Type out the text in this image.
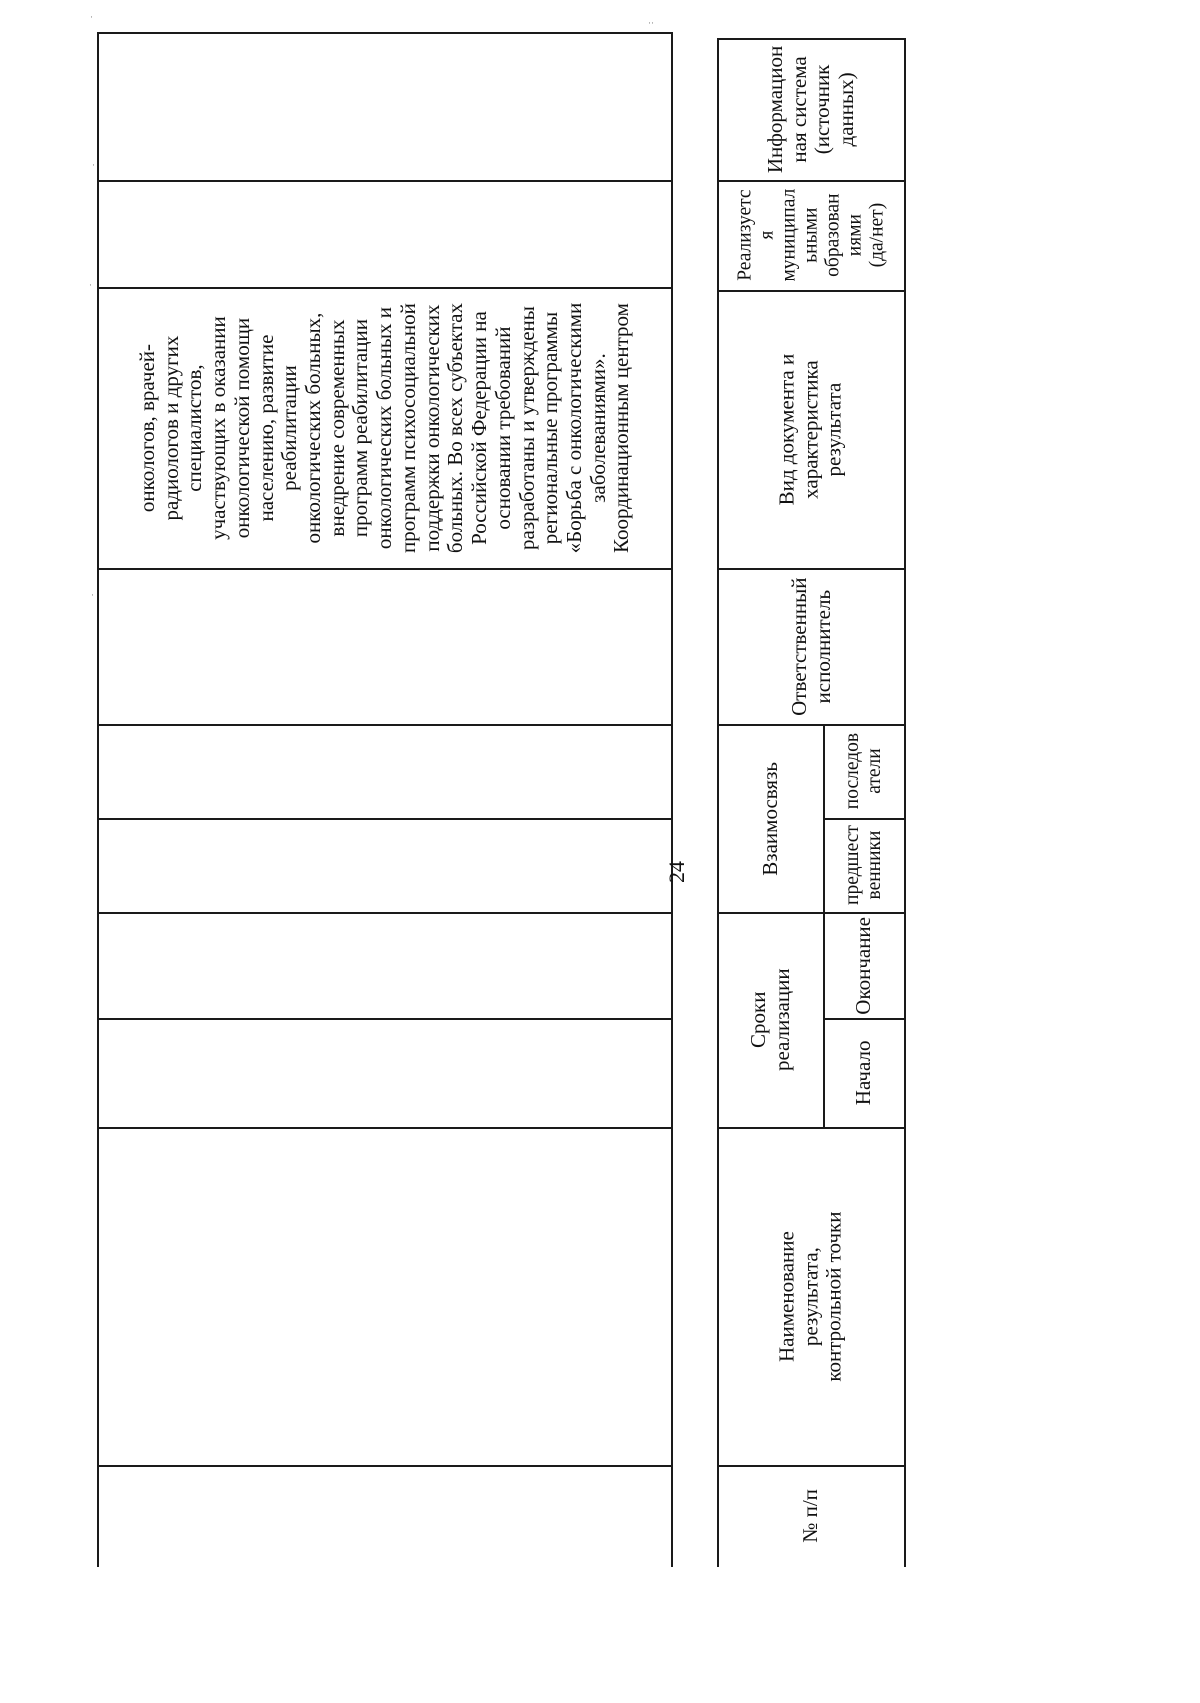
онкологов, врачей-
радиологов и других
специалистов,
участвующих в оказании
онкологической помощи
населению, развитие
реабилитации
онкологических больных,
внедрение современных
программ реабилитации
онкологических больных и
программ психосоциальной
поддержки онкологических
больных. Во всех субъектах
Российской Федерации на
основании требований
разработаны и утверждены
региональные программы
«Борьба с онкологическими
заболеваниями».
Координационным центром
24
№ п/п
Наименование результата,
контрольной точки
Сроки реализации
Начало
Окончание
Взаимосвязь	предшест
венники
последов
атели
Ответственный
исполнитель
Вид документа и
характеристика результата
Реализуетс
я
муниципал
ьными
образован
иями
(да/нет)
Информацион
ная система
(источник
данных)
·
·
·
·
··
